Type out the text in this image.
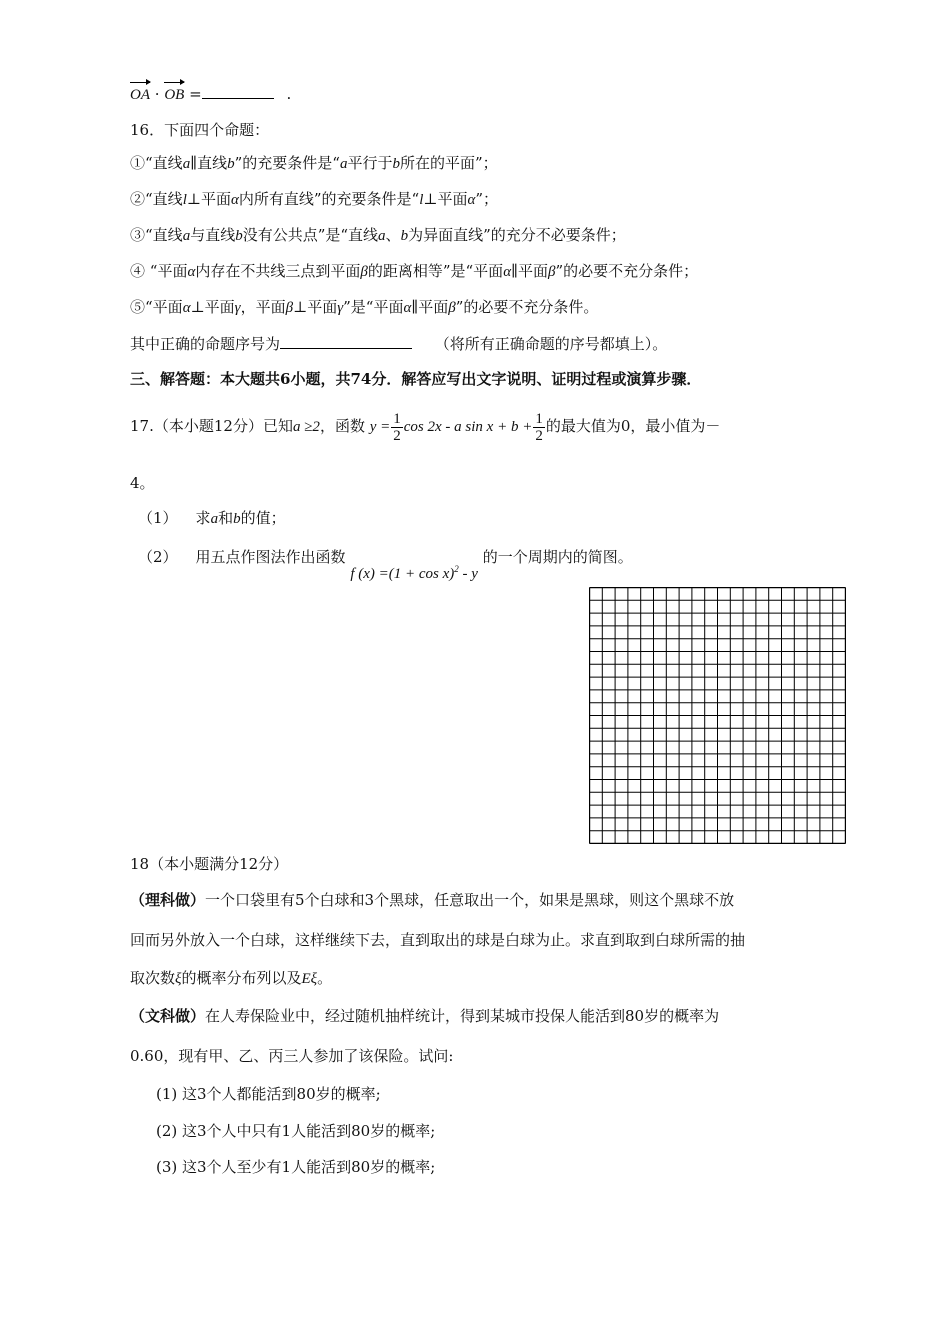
OA · OB =	.
16．下面四个命题：
①“直线a∥直线b”的充要条件是“a平行于b所在的平面”；
②“直线l⊥平面α内所有直线”的充要条件是“l⊥平面α”；
③“直线a与直线b没有公共点”是“直线a、b为异面直线”的充分不必要条件；
④ “平面α内存在不共线三点到平面β的距离相等”是“平面α∥平面β”的必要不充分条件；
⑤“平面α⊥平面γ，平面β⊥平面γ”是“平面α∥平面β”的必要不充分条件。
其中正确的命题序号为	（将所有正确命题的序号都填上）。
三、解答题：本大题共6小题，共74分．解答应写出文字说明、证明过程或演算步骤．
17.（本小题12分）已知a ≥2，函数 $y = \frac{1}{2}$ cos 2x - a $\sin x + b + \frac{1}{2}$ 的最大值为0，最小值为－
4。
（1） 求a和b的值；
（2） 用五点作图法作出函数 f $(x) =(1 + \cos x)^2 - y$ 的一个周期内的简图。
18（本小题满分12分）
（理科做）一个口袋里有5个白球和3个黑球，任意取出一个，如果是黑球，则这个黑球不放
回而另外放入一个白球，这样继续下去，直到取出的球是白球为止。求直到取到白球所需的抽
取次数ξ的概率分布列以及Eξ。
（文科做）在人寿保险业中，经过随机抽样统计，得到某城市投保人能活到80岁的概率为
0.60，现有甲、乙、丙三人参加了该保险。试问:
(1) 这3个人都能活到80岁的概率;
(2) 这3个人中只有1人能活到80岁的概率;
(3) 这3个人至少有1人能活到80岁的概率;
